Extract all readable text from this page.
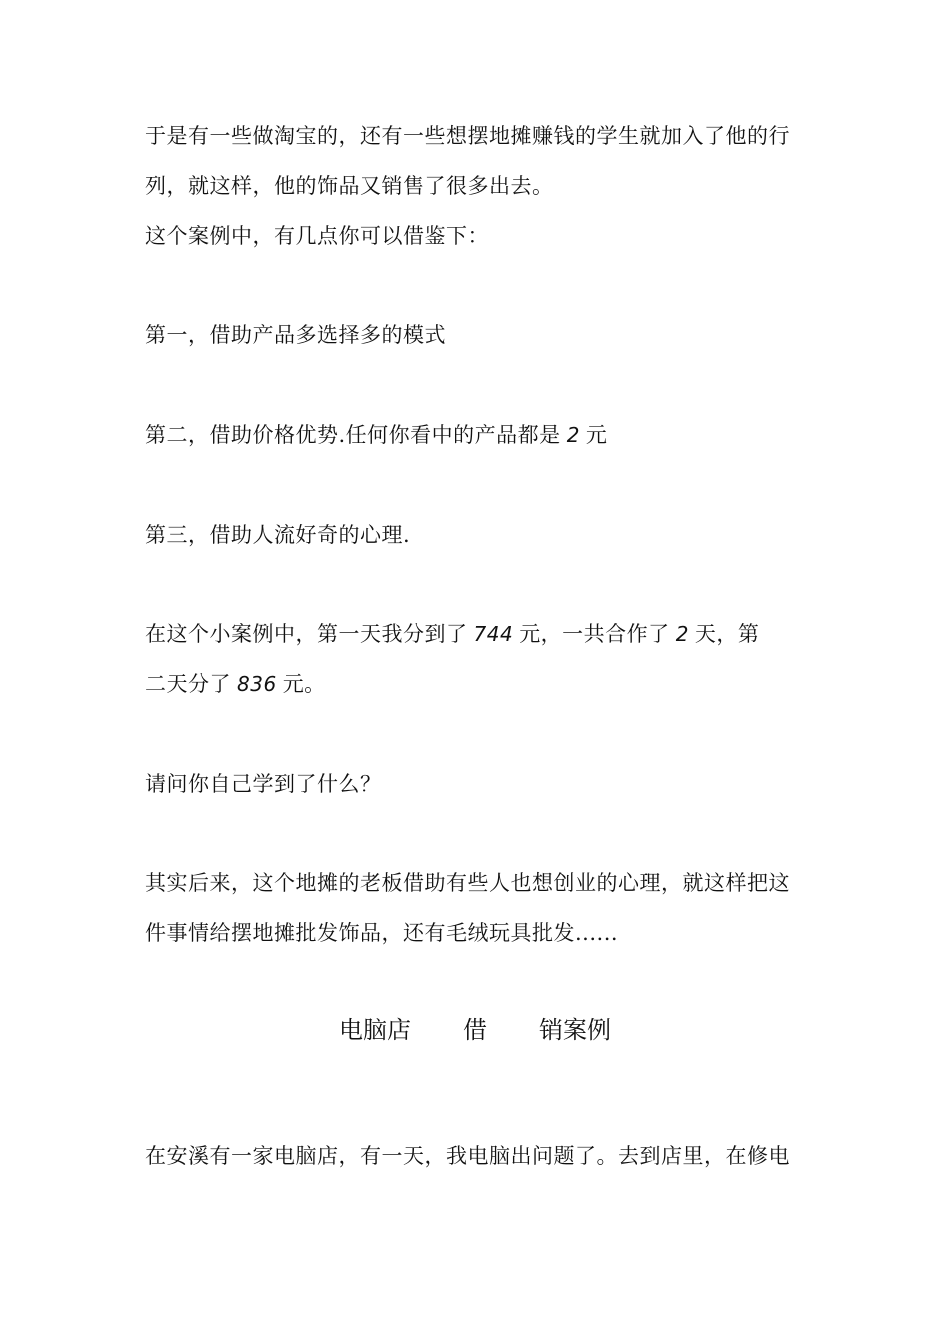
于是有一些做淘宝的，还有一些想摆地摊赚钱的学生就加入了他的行
列，就这样，他的饰品又销售了很多出去。
这个案例中，有几点你可以借鉴下：
第一，借助产品多选择多的模式
第二，借助价格优势.任何你看中的产品都是 2 元
第三，借助人流好奇的心理.
在这个小案例中，第一天我分到了 744 元，一共合作了 2 天，第
二天分了 836 元。
请问你自己学到了什么？
其实后来，这个地摊的老板借助有些人也想创业的心理，就这样把这
件事情给摆地摊批发饰品，还有毛绒玩具批发......
电脑店 借 销案例
在安溪有一家电脑店，有一天，我电脑出问题了。去到店里，在修电
